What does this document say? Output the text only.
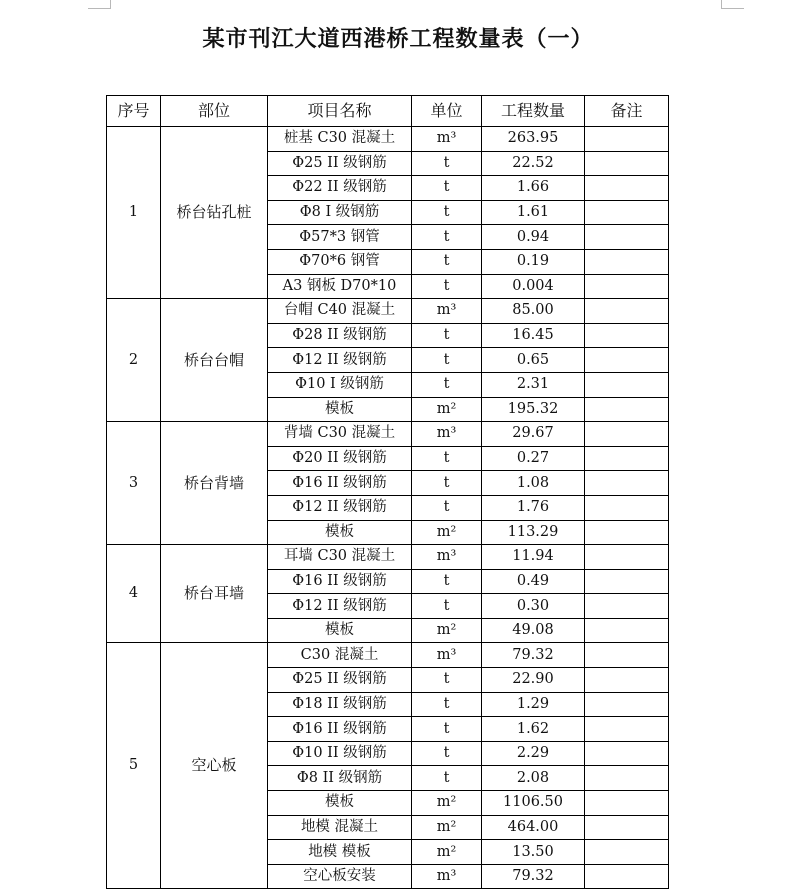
某市刊江大道西港桥工程数量表（一）
序号	部位	项目名称	单位	工程数量	备注
1	桥台钻孔桩	桩基 C30 混凝土	m³	263.95	
		Φ25 II 级钢筋	t	22.52	
		Φ22 II 级钢筋	t	1.66	
		Φ8 I 级钢筋	t	1.61	
		Φ57*3 钢管	t	0.94	
		Φ70*6 钢管	t	0.19	
		A3 钢板 D70*10	t	0.004	
2	桥台台帽	台帽 C40 混凝土	m³	85.00	
		Φ28 II 级钢筋	t	16.45	
		Φ12 II 级钢筋	t	0.65	
		Φ10 I 级钢筋	t	2.31	
		模板	m²	195.32	
3	桥台背墙	背墙 C30 混凝土	m³	29.67	
		Φ20 II 级钢筋	t	0.27	
		Φ16 II 级钢筋	t	1.08	
		Φ12 II 级钢筋	t	1.76	
		模板	m²	113.29	
4	桥台耳墙	耳墙 C30 混凝土	m³	11.94	
		Φ16 II 级钢筋	t	0.49	
		Φ12 II 级钢筋	t	0.30	
		模板	m²	49.08	
5	空心板	C30 混凝土	m³	79.32	
		Φ25 II 级钢筋	t	22.90	
		Φ18 II 级钢筋	t	1.29	
		Φ16 II 级钢筋	t	1.62	
		Φ10 II 级钢筋	t	2.29	
		Φ8 II 级钢筋	t	2.08	
		模板	m²	1106.50	
		地模 混凝土	m²	464.00	
		地模 模板	m²	13.50	
		空心板安装	m³	79.32	
